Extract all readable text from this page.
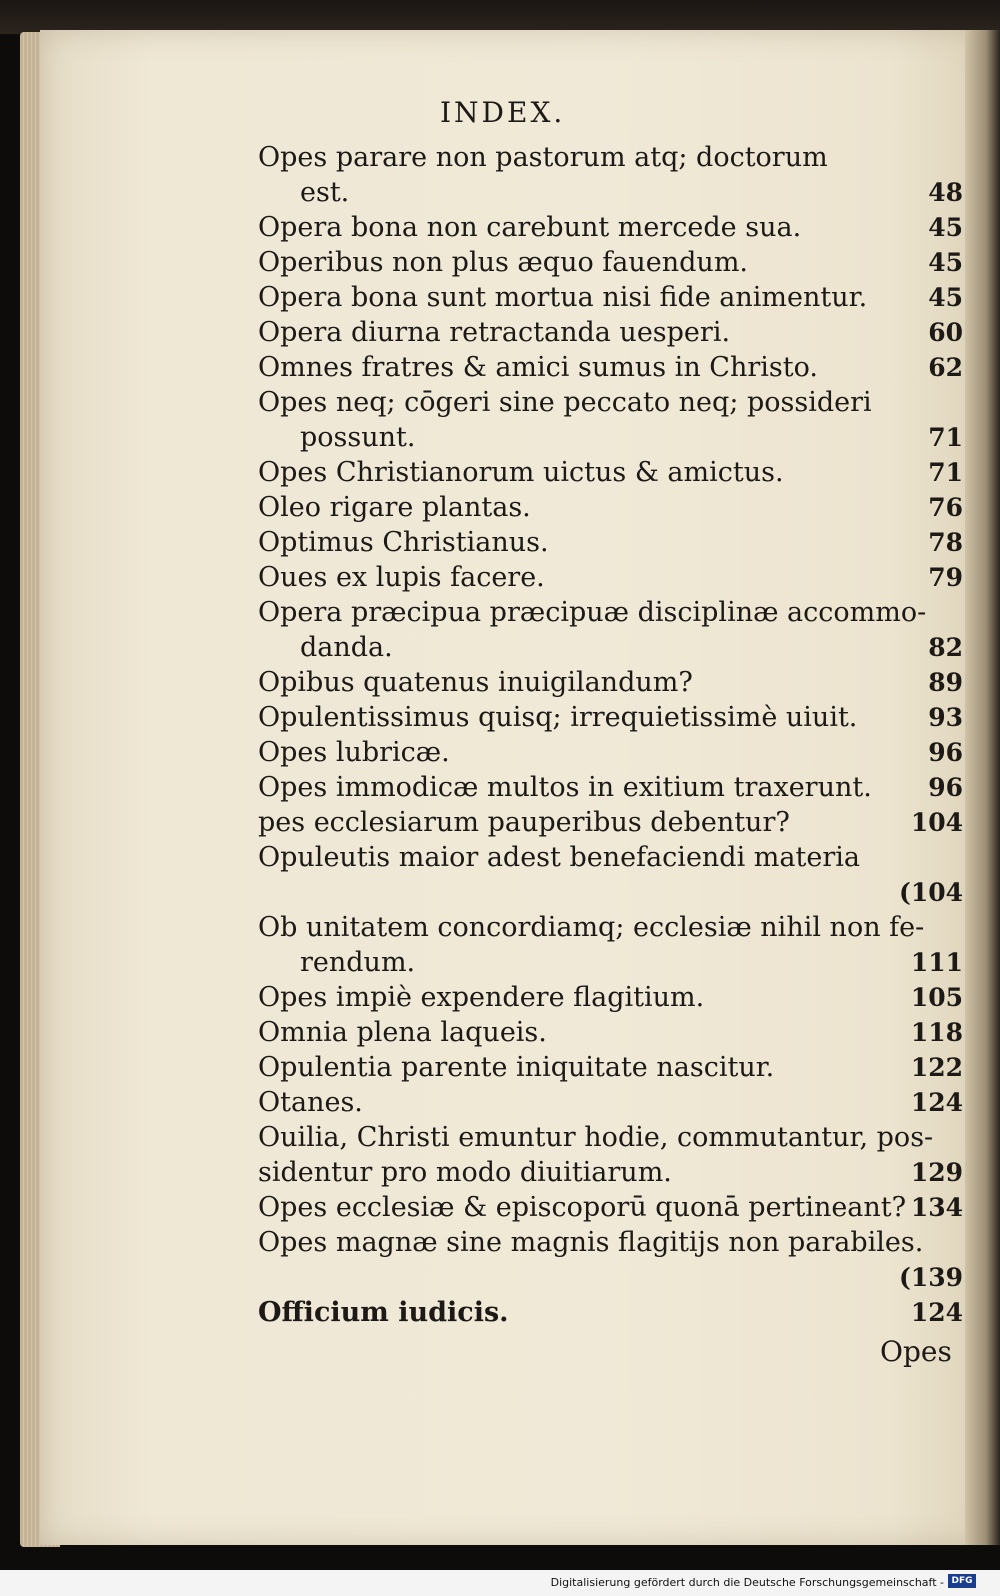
INDEX.
Opes parare non pastorum atq; doctorum
est.	48
Opera bona non carebunt mercede sua.	45
Operibus non plus æquo fauendum.	45
Opera bona sunt mortua nisi fide animentur. 45
Opera diurna retractanda uesperi.	60
Omnes fratres & amici sumus in Christo.	62
Opes neq; cōgeri sine peccato neq; possideri
possunt.	71
Opes Christianorum uictus & amictus.	71
Oleo rigare plantas.	76
Optimus Christianus.	78
Oues ex lupis facere.	79
Opera præcipua præcipuæ disciplinæ accommo-
danda.	82
Opibus quatenus inuigilandum?	89
Opulentissimus quisq; irrequietissimè uiuit.	93
Opes lubricæ.	96
Opes immodicæ multos in exitium traxerunt. 96
pes ecclesiarum pauperibus debentur?	104
Opuleutis maior adest benefaciendi materia
(104
Ob unitatem concordiamq; ecclesiæ nihil non fe-
rendum.	111
Opes impiè expendere flagitium.	105
Omnia plena laqueis.	118
Opulentia parente iniquitate nascitur.	122
Otanes.	124
Ouilia, Christi emuntur hodie, commutantur, pos-
sidentur pro modo diuitiarum.	129
Opes ecclesiæ & episcoporū quonā pertineant? 134
Opes magnæ sine magnis flagitijs non parabiles.
(139
Officium iudicis.	124
Opes
Digitalisierung gefördert durch die Deutsche Forschungsgemeinschaft - DFG
